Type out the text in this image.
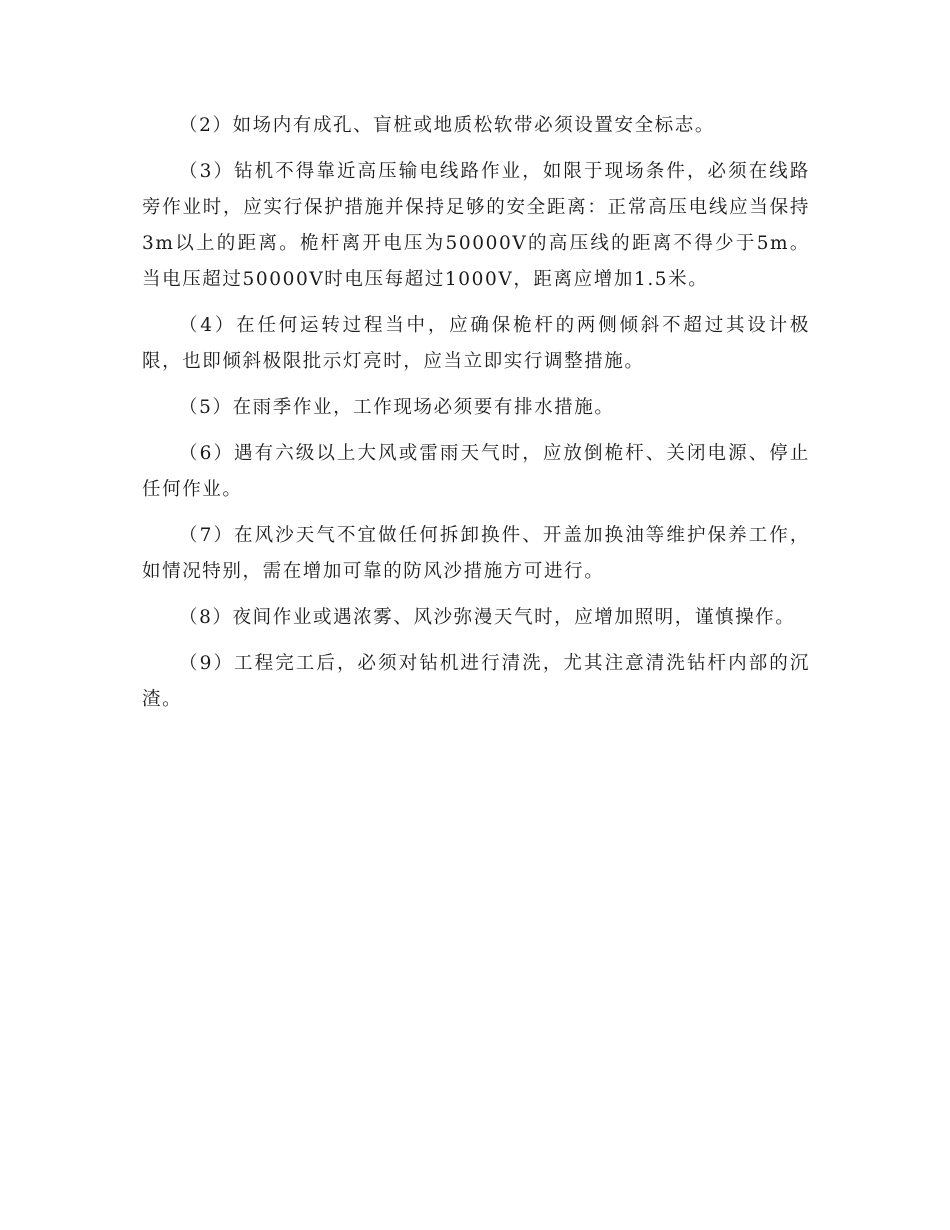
（2）如场内有成孔、盲桩或地质松软带必须设置安全标志。

（3）钻机不得靠近高压输电线路作业，如限于现场条件，必须在线路旁作业时，应实行保护措施并保持足够的安全距离：正常高压电线应当保持3m以上的距离。桅杆离开电压为50000V的高压线的距离不得少于5m。当电压超过50000V时电压每超过1000V，距离应增加1.5米。

（4）在任何运转过程当中，应确保桅杆的两侧倾斜不超过其设计极限，也即倾斜极限批示灯亮时，应当立即实行调整措施。

（5）在雨季作业，工作现场必须要有排水措施。

（6）遇有六级以上大风或雷雨天气时，应放倒桅杆、关闭电源、停止任何作业。

（7）在风沙天气不宜做任何拆卸换件、开盖加换油等维护保养工作，如情况特别，需在增加可靠的防风沙措施方可进行。

（8）夜间作业或遇浓雾、风沙弥漫天气时，应增加照明，谨慎操作。

（9）工程完工后，必须对钻机进行清洗，尤其注意清洗钻杆内部的沉渣。
